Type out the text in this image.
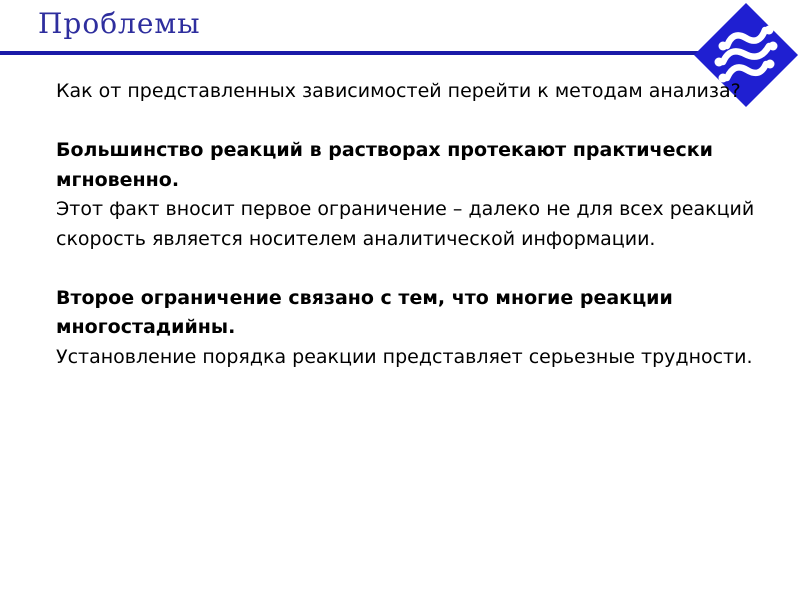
Проблемы

Как от представленных зависимостей перейти к методам анализа?

Большинство реакций в растворах протекают практически мгновенно.

Этот факт вносит первое ограничение – далеко не для всех реакций скорость является носителем аналитической информации.

Второе ограничение связано с тем, что многие реакции многостадийны.

Установление порядка реакции представляет серьезные трудности.
